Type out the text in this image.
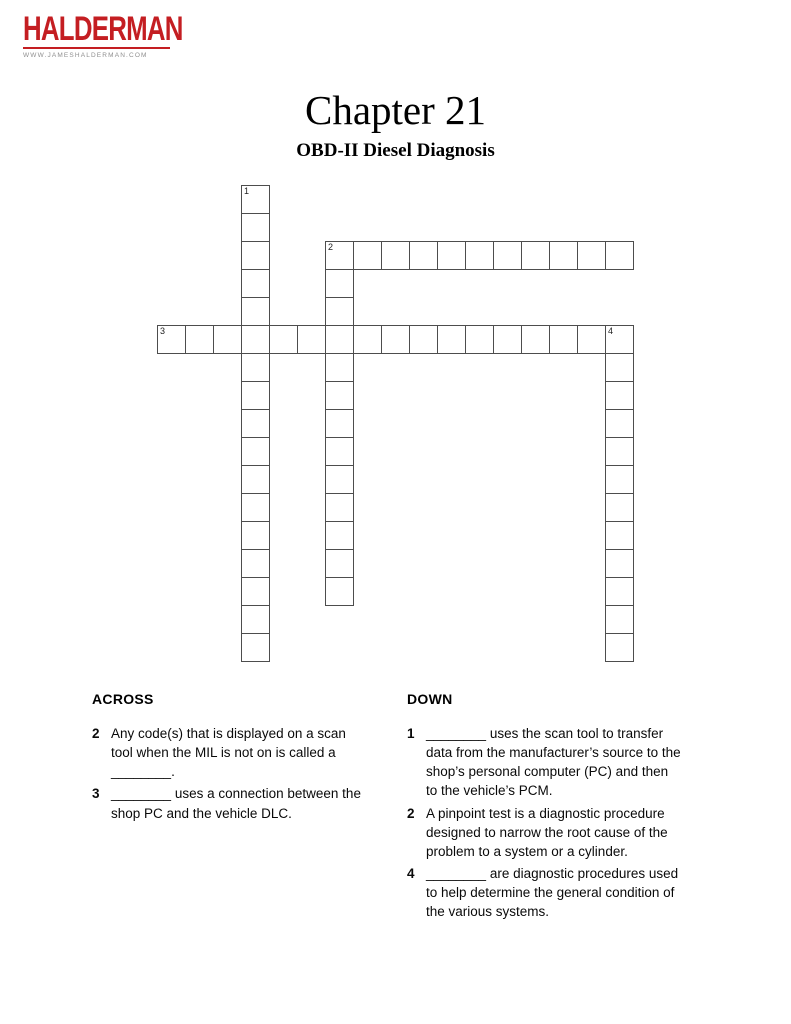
HALDERMAN
WWW.JAMESHALDERMAN.COM
Chapter 21
OBD-II Diesel Diagnosis
1
2
3	4
ACROSS
2 Any code(s) that is displayed on a scan tool when the MIL is not on is called a ________.
3 ________ uses a connection between the shop PC and the vehicle DLC.
DOWN
1 ________ uses the scan tool to transfer data from the manufacturer’s source to the shop’s personal computer (PC) and then to the vehicle’s PCM.
2 A pinpoint test is a diagnostic procedure designed to narrow the root cause of the problem to a system or a cylinder.
4 ________ are diagnostic procedures used to help determine the general condition of the various systems.
